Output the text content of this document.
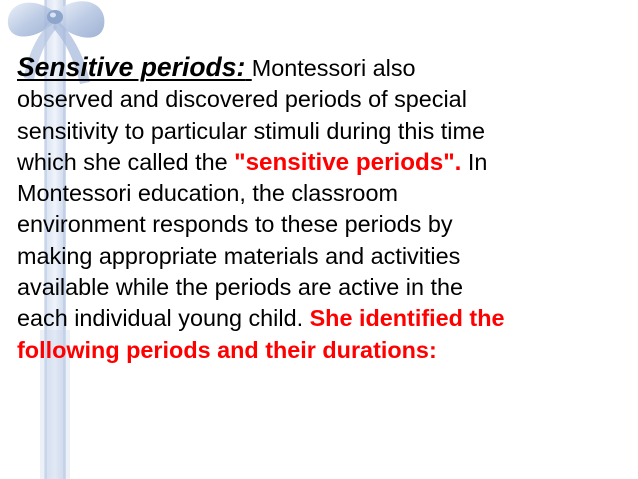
Sensitive periods: Montessori also
observed and discovered periods of special
sensitivity to particular stimuli during this time
which she called the "sensitive periods". In
Montessori education, the classroom
environment responds to these periods by
making appropriate materials and activities
available while the periods are active in the
each individual young child. She identified the
following periods and their durations:
